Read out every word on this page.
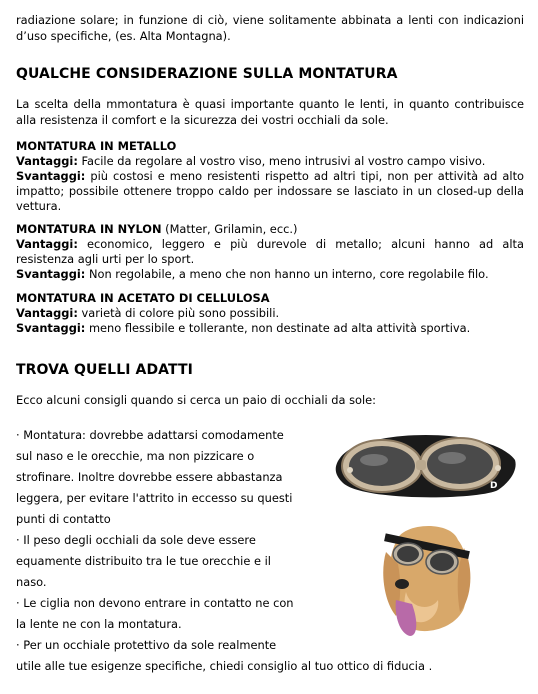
radiazione solare; in funzione di ciò, viene solitamente abbinata a lenti con indicazioni d’uso specifiche, (es. Alta Montagna).

QUALCHE CONSIDERAZIONE SULLA MONTATURA

La scelta della mmontatura è quasi importante quanto le lenti, in quanto contribuisce alla resistenza il comfort e la sicurezza dei vostri occhiali da sole.

MONTATURA IN METALLO
Vantaggi: Facile da regolare al vostro viso, meno intrusivi al vostro campo visivo.
Svantaggi: più costosi e meno resistenti rispetto ad altri tipi, non per attività ad alto impatto; possibile ottenere troppo caldo per indossare se lasciato in un closed-up della vettura.
MONTATURA IN NYLON (Matter, Grilamin, ecc.)
Vantaggi: economico, leggero e più durevole di metallo; alcuni hanno ad alta resistenza agli urti per lo sport.
Svantaggi: Non regolabile, a meno che non hanno un interno, core regolabile filo.
MONTATURA IN ACETATO DI CELLULOSA
Vantaggi: varietà di colore più sono possibili.
Svantaggi: meno flessibile e tollerante, non destinate ad alta attività sportiva.
TROVA QUELLI ADATTI

Ecco alcuni consigli quando si cerca un paio di occhiali da sole:

· Montatura: dovrebbe adattarsi comodamente
sul naso e le orecchie, ma non pizzicare o
strofinare. Inoltre dovrebbe essere abbastanza
leggera, per evitare l'attrito in eccesso su questi
punti di contatto
· Il peso degli occhiali da sole deve essere
equamente distribuito tra le tue orecchie e il
naso.
· Le ciglia non devono entrare in contatto ne con
la lente ne con la montatura.
· Per un occhiale protettivo da sole realmente
utile alle tue esigenze specifiche, chiedi consiglio al tuo ottico di fiducia .
D
